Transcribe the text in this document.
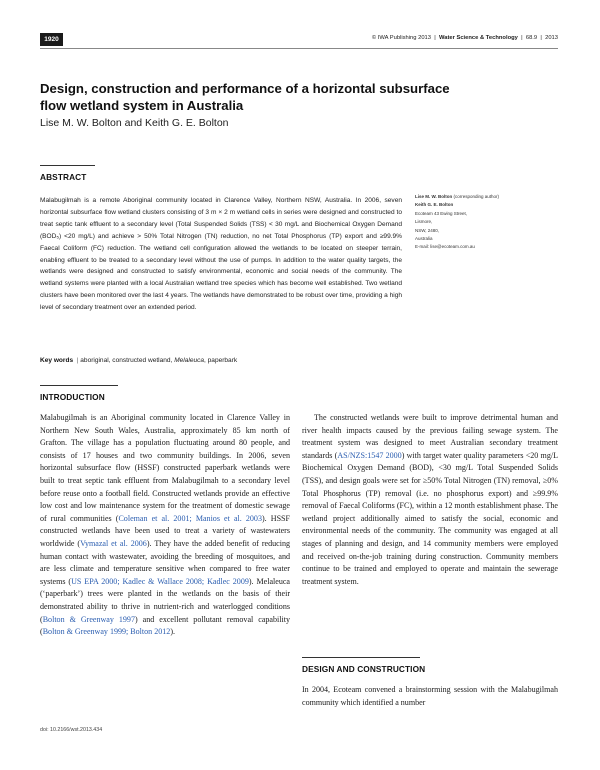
1920	© IWA Publishing 2013  |  Water Science & Technology  |  68.9  |  2013
Design, construction and performance of a horizontal subsurface flow wetland system in Australia
Lise M. W. Bolton and Keith G. E. Bolton
ABSTRACT

Malabugilmah is a remote Aboriginal community located in Clarence Valley, Northern NSW, Australia. In 2006, seven horizontal subsurface flow wetland clusters consisting of 3 m × 2 m wetland cells in series were designed and constructed to treat septic tank effluent to a secondary level (Total Suspended Solids (TSS) < 30 mg/L and Biochemical Oxygen Demand (BOD₅) <20 mg/L) and achieve > 50% Total Nitrogen (TN) reduction, no net Total Phosphorus (TP) export and ≥99.9% Faecal Coliform (FC) reduction. The wetland cell configuration allowed the wetlands to be located on steeper terrain, enabling effluent to be treated to a secondary level without the use of pumps. In addition to the water quality targets, the wetlands were designed and constructed to satisfy environmental, economic and social needs of the community. The wetland systems were planted with a local Australian wetland tree species which has become well established. Two wetland clusters have been monitored over the last 4 years. The wetlands have demonstrated to be robust over time, providing a high level of secondary treatment over an extended period.

Key words  | aboriginal, constructed wetland, Melaleuca, paperbark
Lise M. W. Bolton (corresponding author)
Keith G. E. Bolton
Ecoteam 43 Ewing Street,
Lismore,
NSW, 2480,
Australia
E-mail: lise@ecoteam.com.au
INTRODUCTION

Malabugilmah is an Aboriginal community located in Clarence Valley in Northern New South Wales, Australia, approximately 85 km north of Grafton. The village has a population fluctuating around 80 people, and consists of 17 houses and two community buildings. In 2006, seven horizontal subsurface flow (HSSF) constructed paperbark wetlands were built to treat septic tank effluent from Malabugilmah to a secondary level before reuse onto a football field. Constructed wetlands provide an effective low cost and low maintenance system for the treatment of domestic sewage of rural communities (Coleman et al. 2001; Manios et al. 2003). HSSF constructed wetlands have been used to treat a variety of wastewaters worldwide (Vymazal et al. 2006). They have the added benefit of reducing human contact with wastewater, avoiding the breeding of mosquitoes, and are less climate and temperature sensitive when compared to free water systems (US EPA 2000; Kadlec & Wallace 2008; Kadlec 2009). Melaleuca (‘paperbark’) trees were planted in the wetlands on the basis of their demonstrated ability to thrive in nutrient-rich and waterlogged conditions (Bolton & Greenway 1997) and excellent pollutant removal capability (Bolton & Greenway 1999; Bolton 2012).

The constructed wetlands were built to improve detrimental human and river health impacts caused by the previous failing sewage system. The treatment system was designed to meet Australian secondary treatment standards (AS/NZS:1547 2000) with target water quality parameters <20 mg/L Biochemical Oxygen Demand (BOD), <30 mg/L Total Suspended Solids (TSS), and design goals were set for ≥50% Total Nitrogen (TN) removal, ≥0% Total Phosphorus (TP) removal (i.e. no phosphorus export) and ≥99.9% removal of Faecal Coliforms (FC), within a 12 month establishment phase. The wetland project additionally aimed to satisfy the social, economic and environmental needs of the community. The community was engaged at all stages of planning and design, and 14 community members were employed and received on-the-job training during construction. Community members continue to be trained and employed to operate and maintain the sewerage treatment system.

DESIGN AND CONSTRUCTION

In 2004, Ecoteam convened a brainstorming session with the Malabugilmah community which identified a number

doi: 10.2166/wst.2013.434
